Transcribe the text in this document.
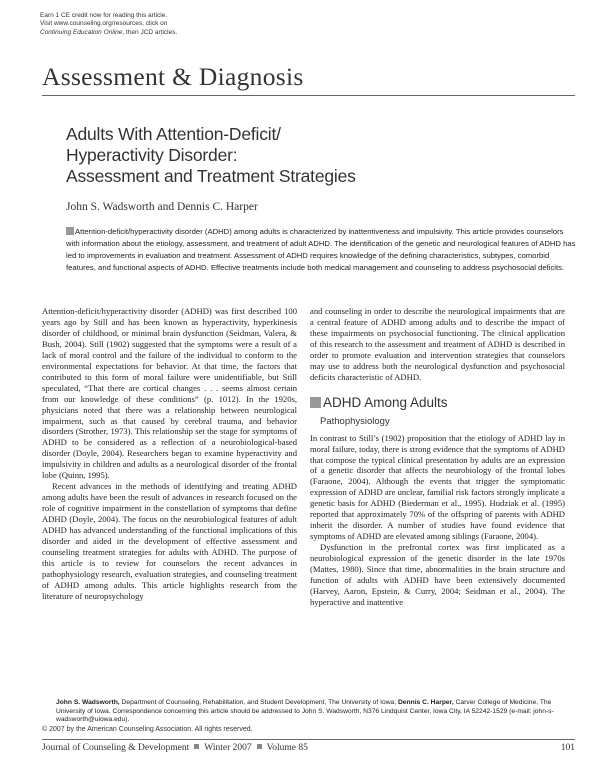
Earn 1 CE credit now for reading this article.
Visit www.counseling.org/resources, click on
Continuing Education Online, then JCD articles.
Assessment & Diagnosis
Adults With Attention-Deficit/
Hyperactivity Disorder:
Assessment and Treatment Strategies
John S. Wadsworth and Dennis C. Harper
Attention-deficit/hyperactivity disorder (ADHD) among adults is characterized by inattentiveness and impulsivity. This article provides counselors with information about the etiology, assessment, and treatment of adult ADHD. The identification of the genetic and neurological features of ADHD has led to improvements in evaluation and treatment. Assessment of ADHD requires knowledge of the defining characteristics, subtypes, comorbid features, and functional aspects of ADHD. Effective treatments include both medical management and counseling to address psychosocial deficits.

Attention-deficit/hyperactivity disorder (ADHD) was first described 100 years ago by Still and has been known as hyperactivity, hyperkinesis disorder of childhood, or minimal brain dysfunction (Seidman, Valera, & Bush, 2004). Still (1902) suggested that the symptoms were a result of a lack of moral control and the failure of the individual to conform to the environmental expectations for behavior. At that time, the factors that contributed to this form of moral failure were unidentifiable, but Still speculated, “That there are cortical changes . . . seems almost certain from our knowledge of these conditions” (p. 1012). In the 1920s, physicians noted that there was a relationship between neurological impairment, such as that caused by cerebral trauma, and behavior disorders (Strother, 1973). This relationship set the stage for symptoms of ADHD to be considered as a reflection of a neurobiological-based disorder (Doyle, 2004). Researchers began to examine hyperactivity and impulsivity in children and adults as a neurological disorder of the frontal lobe (Quinn, 1995).

Recent advances in the methods of identifying and treating ADHD among adults have been the result of advances in research focused on the role of cognitive impairment in the constellation of symptoms that define ADHD (Doyle, 2004). The focus on the neurobiological features of adult ADHD has advanced understanding of the functional implications of this disorder and aided in the development of effective assessment and counseling treatment strategies for adults with ADHD. The purpose of this article is to review for counselors the recent advances in pathophysiology research, evaluation strategies, and counseling treatment of ADHD among adults. This article highlights research from the literature of neuropsychology

and counseling in order to describe the neurological impairments that are a central feature of ADHD among adults and to describe the impact of these impairments on psychosocial functioning. The clinical application of this research to the assessment and treatment of ADHD is described in order to promote evaluation and intervention strategies that counselors may use to address both the neurological dysfunction and psychosocial deficits characteristic of ADHD.

ADHD Among Adults
Pathophysiology

In contrast to Still’s (1902) proposition that the etiology of ADHD lay in moral failure, today, there is strong evidence that the symptoms of ADHD that compose the typical clinical presentation by adults are an expression of a genetic disorder that affects the neurobiology of the frontal lobes (Faraone, 2004). Although the events that trigger the symptomatic expression of ADHD are unclear, familial risk factors strongly implicate a genetic basis for ADHD (Biederman et al., 1995). Hudziak et al. (1995) reported that approximately 70% of the offspring of parents with ADHD inherit the disorder. A number of studies have found evidence that symptoms of ADHD are elevated among siblings (Faraone, 2004).

Dysfunction in the prefrontal cortex was first implicated as a neurobiological expression of the genetic disorder in the late 1970s (Mattes, 1980). Since that time, abnormalities in the brain structure and function of adults with ADHD have been extensively documented (Harvey, Aaron, Epstein, & Curry, 2004; Seidman et al., 2004). The hyperactive and inattentive

John S. Wadsworth, Department of Counseling, Rehabilitation, and Student Development, The University of Iowa; Dennis C. Harper, Carver College of Medicine, The University of Iowa. Correspondence concerning this article should be addressed to John S. Wadsworth, N376 Lindquist Center, Iowa City, IA 52242-1529 (e-mail: john-s-wadsworth@uiowa.edu).
© 2007 by the American Counseling Association. All rights reserved.
Journal of Counseling & Development Winter 2007 Volume 85	101
